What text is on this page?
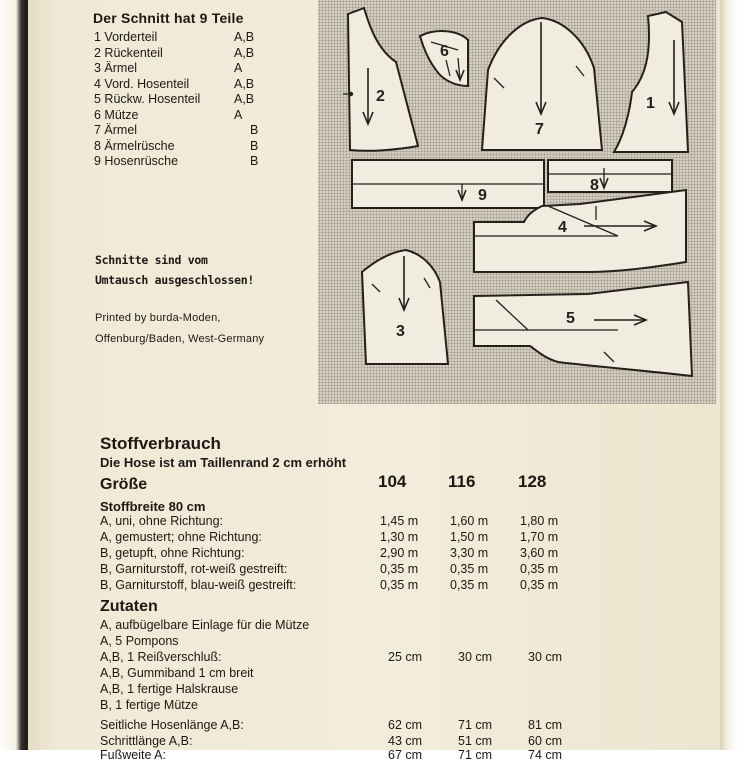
Der Schnitt hat 9 Teile
1 Vorderteil	A,B
2 Rückenteil	A,B
3 Ärmel	A
4 Vord. Hosenteil	A,B
5 Rückw. Hosenteil	A,B
6 Mütze	A
7 Ärmel	B
8 Ärmelrüsche	B
9 Hosenrüsche	B
Schnitte sind vom
Umtausch ausgeschlossen!
Printed by burda-Moden,
Offenburg/Baden, West-Germany
2
6
7
1
9
8
4
3
5
Stoffverbrauch
Die Hose ist am Taillenrand 2 cm erhöht
Größe	104 116	128
Stoffbreite 80 cm
A, uni, ohne Richtung:	1,45 m	1,60 m	1,80 m
A, gemustert; ohne Richtung:	1,30 m	1,50 m	1,70 m
B, getupft, ohne Richtung:	2,90 m	3,30 m	3,60 m
B, Garniturstoff, rot-weiß gestreift:	0,35 m	0,35 m	0,35 m
B, Garniturstoff, blau-weiß gestreift:	0,35 m	0,35 m	0,35 m
Zutaten
A, aufbügelbare Einlage für die Mütze
A, 5 Pompons
A,B, 1 Reißverschluß:	25 cm	30 cm	30 cm
A,B, Gummiband 1 cm breit
A,B, 1 fertige Halskrause
B, 1 fertige Mütze
Seitliche Hosenlänge A,B:	62 cm	71 cm	81 cm
Schrittlänge A,B:	43 cm	51 cm	60 cm
Fußweite A:	67 cm	71 cm	74 cm
